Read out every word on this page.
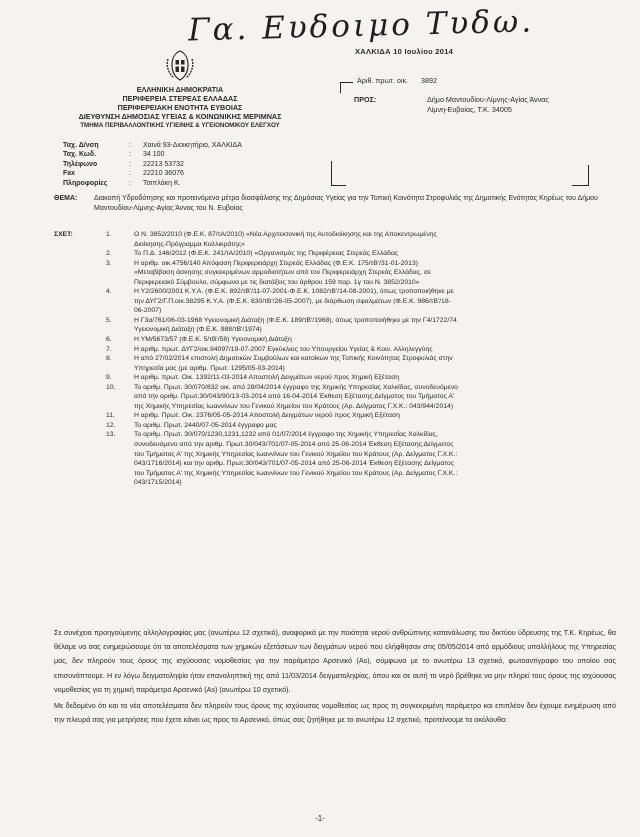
Γα. Ευδοιμο Τυδω.
ΧΑΛΚΙΔΑ 10 Ιουλίου 2014
ΕΛΛΗΝΙΚΗ ΔΗΜΟΚΡΑΤΙΑ
ΠΕΡΙΦΕΡΕΙΑ ΣΤΕΡΕΑΣ ΕΛΛΑΔΑΣ
ΠΕΡΙΦΕΡΕΙΑΚΗ ΕΝΟΤΗΤΑ ΕΥΒΟΙΑΣ
ΔΙΕΥΘΥΝΣΗ ΔΗΜΟΣΙΑΣ ΥΓΕΙΑΣ & ΚΟΙΝΩΝΙΚΗΣ ΜΕΡΙΜΝΑΣ
ΤΜΗΜΑ ΠΕΡΙΒΑΛΛΟΝΤΙΚΗΣ ΥΓΙΕΙΝΗΣ & ΥΓΕΙΟΝΟΜΙΚΟΥ ΕΛΕΓΧΟΥ
Αριθ. πρωτ. οικ. 3892
ΠΡΟΣ:	Δήμο Μαντουδίου-Λίμνης-Αγίας Άννας
Λίμνη-Ευβοίας, Τ.Κ. 34005
Ταχ. Δ/νση	:	Χαινά 93-Διοικητήριο, ΧΑΛΚΙΔΑ
Ταχ. Κωδ.	:	34 100
Τηλέφωνο	:	22213 53732
Fax	:	22210 36076
Πληροφορίες	:	Τσιπλάκη Κ.
ΘΕΜΑ: Διακοπή Υδροδότησης και προτεινόμενα μέτρα διασφάλισης της Δημόσιας Υγείας για την Τοπική Κοινότητα Στροφυλιάς της Δημοτικής Ενότητας Κηρέως του Δήμου Μαντουδίου-Λίμνης-Αγίας Άννας του Ν. Ευβοίας
ΣΧΕΤ:	1.	Ο Ν. 3852/2010 (Φ.Ε.Κ. 87/τΑ/2010) «Νέα Αρχιτεκτονική της Αυτοδιοίκησης και της Αποκεντρωμένης
Διοίκησης-Πρόγραμμα Καλλικράτης»
2.	Το Π.Δ. 146/2012 (Φ.Ε.Κ. 241/τΑ/2010) «Οργανισμός της Περιφέρειας Στερεάς Ελλάδας
3.	Η αριθμ. οικ.4756/140 Απόφαση Περιφερειάρχη Στερεάς Ελλάδας (Φ.Ε.Κ. 175/τΒ'/31-01-2013)
«Μεταβίβαση άσκησης συγκεκριμένων αρμοδιοτήτων από τον Περιφερειάρχη Στερεάς Ελλάδας, σε
Περιφερειακό Σύμβουλο, σύμφωνα με τις διατάξεις του άρθρου 159 παρ. 1γ του Ν. 3852/2010»
4.	Η Υ2/2600/2001 Κ.Υ.Α. (Φ.Ε.Κ. 892/τΒ'/11-07-2001-Φ.Ε.Κ. 1082/τΒ'/14-08-2001), όπως τροποποιήθηκε με
την ΔΥΓ2/Γ.Π.οικ.38295 Κ.Υ.Α. (Φ.Ε.Κ. 630/τΒ'/26-05-2007), με διόρθωση σφαλμάτων (Φ.Ε.Κ. 986/τΒ'/18-
06-2007)
5.	Η Γ3α/761/06-03-1968 Υγειονομική Διάταξη (Φ.Ε.Κ. 189/τΒ'/1968), όπως τροποποιήθηκε με την Γ4/1722/74
Υγειονομική Διάταξη (Φ.Ε.Κ. 988/τΒ'/1974)
6.	Η ΥΜ/5673/57 (Φ.Ε.Κ. 5/τΒ'/58) Υγειονομική Διάταξη
7.	Η αριθμ. πρωτ. ΔΥΓ2/οικ.94097/19-07-2007 Εγκύκλιος του Υπουργείου Υγείας & Κοιν. Αλληλεγγύης
8.	Η από 27/02/2014 επιστολή Δημοτικών Συμβούλων και κατοίκων της Τοπικής Κοινότητας Στροφυλιάς στην
Υπηρεσία μας (με αριθμ. Πρωτ. 1295/05-03-2014)
9.	Η αριθμ. πρωτ. Οικ. 1392/11-03-2014 Αποστολή Δειγμάτων νερού προς Χημική Εξέταση
10.	Το αριθμ. Πρωτ. 30/070/832 οικ. από 28/04/2014 έγγραφο της Χημικής Υπηρεσίας Χαλκίδας, συνοδευόμενο
από την αριθμ. Πρωτ.30/043/90/13-03-2014 από 16-04-2014 Έκθεση Εξέτασης Δείγματος του Τμήματος Α'
της Χημικής Υπηρεσίας Ιωαννίνων του Γενικού Χημείου του Κράτους (Αρ. Δείγματος Γ.Χ.Κ.: 043/944/2014)
11.	Η αριθμ. Πρωτ. Οικ. 2376/05-05-2014 Αποστολή Δειγμάτων νερού προς Χημική Εξέταση
12.	Το αριθμ. Πρωτ. 2440/07-05-2014 έγγραφο μας
13.	Το αριθμ. Πρωτ. 30/070/1230,1231,1232 από 01/07/2014 έγγραφο της Χημικής Υπηρεσίας Χαλκίδας,
συνοδευόμενο από την αριθμ. Πρωτ.30/043/701/07-05-2014 από 25-06-2014 Έκθεση Εξέτασης Δείγματος
του Τμήματος Α' της Χημικής Υπηρεσίας Ιωαννίνων του Γενικού Χημείου του Κράτους (Αρ. Δείγματος Γ.Χ.Κ.:
043/1716/2014) και την αριθμ. Πρωτ.30/043/701/07-05-2014 από 25-06-2014 Έκθεση Εξέτασης Δείγματος
του Τμήματος Α' της Χημικής Υπηρεσίας Ιωαννίνων του Γενικού Χημείου του Κράτους (Αρ. Δείγματος Γ.Χ.Κ.:
043/1715/2014)

Σε συνέχεια προηγούμενης αλληλογραφίας μας (ανωτέρω 12 σχετικό), αναφορικά με την ποιότητα νερού ανθρώπινης κατανάλωσης του δικτύου ύδρευσης της Τ.Κ. Κηρέως, θα θέλαμε να σας ενημερώσουμε ότι τα αποτελέσματα των χημικών εξετάσεων των δειγμάτων νερού που ελήφθησαν στις 05/05/2014 από αρμόδιους υπαλλήλους της Υπηρεσίας μας, δεν πληρούν τους όρους της ισχύουσας νομοθεσίας για την παράμετρο Αρσενικό (As), σύμφωνα με το ανωτέρω 13 σχετικό, φωτοαντίγραφο του οποίου σας επισυνάπτουμε. Η εν λόγω δειγματοληψία ήταν επαναληπτική της από 11/03/2014 δειγματοληψίας, όπου και σε αυτή το νερό βρέθηκε να μην πληρεί τους όρους της ισχύουσας νομοθεσίας για τη χημική παράμετρο Αρσενικό (As) (ανωτέρω 10 σχετικό).

Με δεδομένο ότι και τα νέα αποτελέσματα δεν πληρούν τους όρους της ισχύουσας νομοθεσίας ως προς τη συγκεκριμένη παράμετρο και επιπλέον δεν έχουμε ενημέρωση από την πλευρά σας για μετρήσεις που έχετε κάνει ως προς το Αρσενικό, όπως σας ζητήθηκε με το ανωτέρω 12 σχετικό, προτείνουμε τα ακόλουθα:

-1-
